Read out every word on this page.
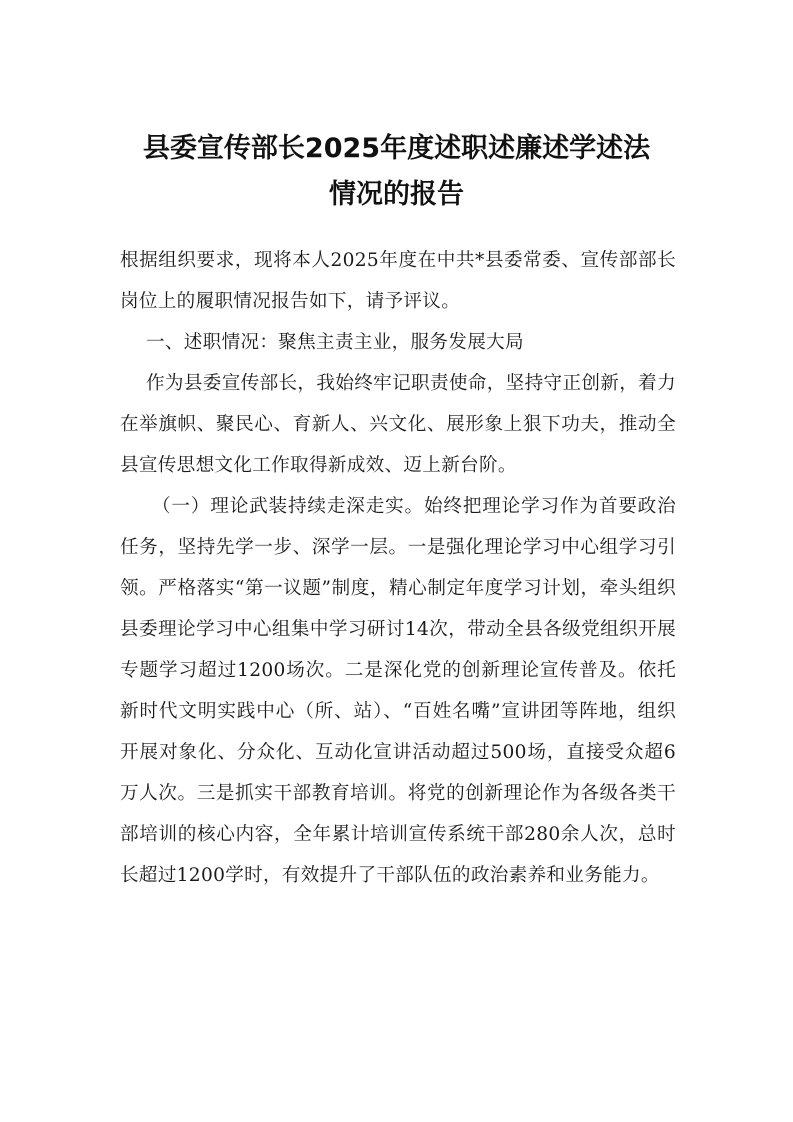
县委宣传部长2025年度述职述廉述学述法
情况的报告

根据组织要求，现将本人2025年度在中共*县委常委、宣传部部长岗位上的履职情况报告如下，请予评议。

一、述职情况：聚焦主责主业，服务发展大局

作为县委宣传部长，我始终牢记职责使命，坚持守正创新，着力在举旗帜、聚民心、育新人、兴文化、展形象上狠下功夫，推动全县宣传思想文化工作取得新成效、迈上新台阶。

（一）理论武装持续走深走实。始终把理论学习作为首要政治任务，坚持先学一步、深学一层。一是强化理论学习中心组学习引领。严格落实“第一议题”制度，精心制定年度学习计划，牵头组织县委理论学习中心组集中学习研讨14次，带动全县各级党组织开展专题学习超过1200场次。二是深化党的创新理论宣传普及。依托新时代文明实践中心（所、站）、“百姓名嘴”宣讲团等阵地，组织开展对象化、分众化、互动化宣讲活动超过500场，直接受众超6万人次。三是抓实干部教育培训。将党的创新理论作为各级各类干部培训的核心内容，全年累计培训宣传系统干部280余人次，总时长超过1200学时，有效提升了干部队伍的政治素养和业务能力。
